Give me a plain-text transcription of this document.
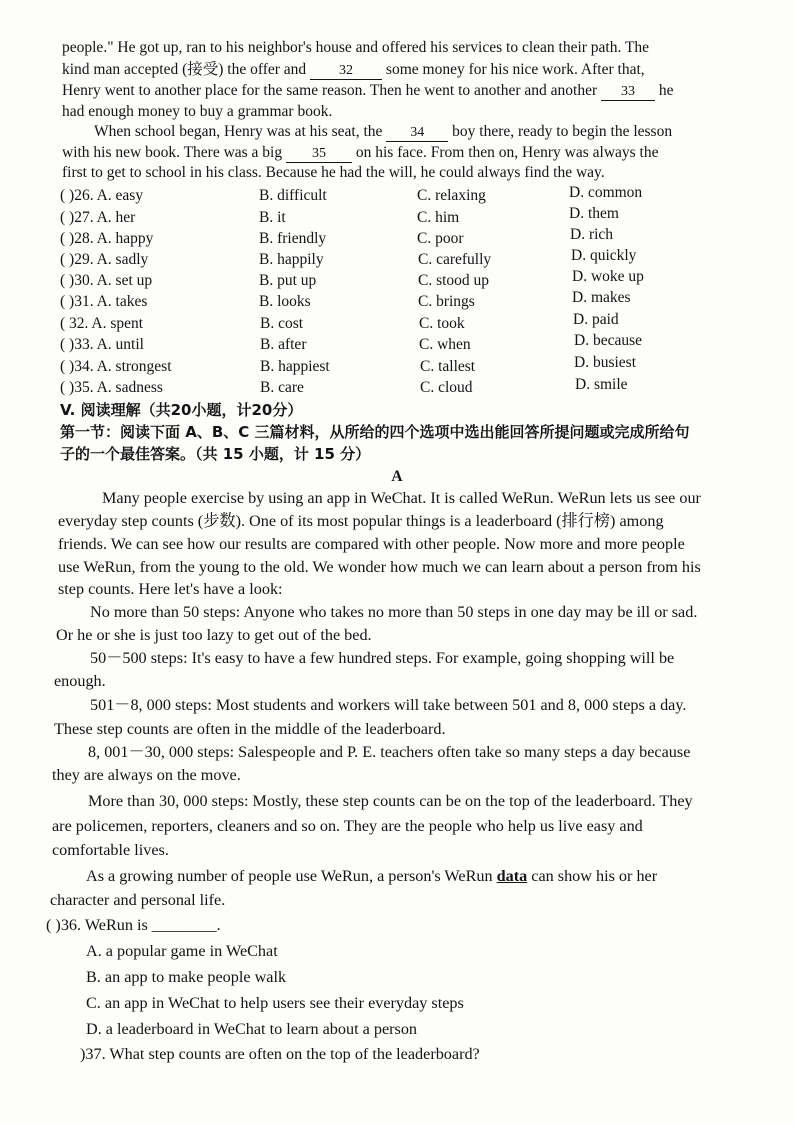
people." He got up, ran to his neighbor's house and offered his services to clean their path. The
kind man accepted (接受) the offer and 32 some money for his nice work. After that,
Henry went to another place for the same reason. Then he went to another and another 33 he
had enough money to buy a grammar book.
When school began, Henry was at his seat, the 34 boy there, ready to begin the lesson
with his new book. There was a big 35 on his face. From then on, Henry was always the
first to get to school in his class. Because he had the will, he could always find the way.
( )26. A. easy	B. difficult	C. relaxing	D. common
( )27. A. her	B. it	C. him	D. them
( )28. A. happy	B. friendly	C. poor	D. rich
( )29. A. sadly	B. happily	C. carefully	D. quickly
( )30. A. set up	B. put up	C. stood up	D. woke up
( )31. A. takes	B. looks	C. brings	D. makes
( 32. A. spent	B. cost	C. took	D. paid
( )33. A. until	B. after	C. when	D. because
( )34. A. strongest	B. happiest	C. tallest	D. busiest
( )35. A. sadness	B. care	C. cloud	D. smile
V. 阅读理解（共20小题，计20分）
第一节：阅读下面 A、B、C 三篇材料，从所给的四个选项中选出能回答所提问题或完成所给句
子的一个最佳答案。（共 15 小题，计 15 分）
A
Many people exercise by using an app in WeChat. It is called WeRun. WeRun lets us see our
everyday step counts (步数). One of its most popular things is a leaderboard (排行榜) among
friends. We can see how our results are compared with other people. Now more and more people
use WeRun, from the young to the old. We wonder how much we can learn about a person from his
step counts. Here let's have a look:
No more than 50 steps: Anyone who takes no more than 50 steps in one day may be ill or sad.
Or he or she is just too lazy to get out of the bed.
50－500 steps: It's easy to have a few hundred steps. For example, going shopping will be
enough.
501－8, 000 steps: Most students and workers will take between 501 and 8, 000 steps a day.
These step counts are often in the middle of the leaderboard.
8, 001－30, 000 steps: Salespeople and P. E. teachers often take so many steps a day because
they are always on the move.
More than 30, 000 steps: Mostly, these step counts can be on the top of the leaderboard. They
are policemen, reporters, cleaners and so on. They are the people who help us live easy and
comfortable lives.
As a growing number of people use WeRun, a person's WeRun data can show his or her
character and personal life.
( )36. WeRun is ________.
A. a popular game in WeChat
B. an app to make people walk
C. an app in WeChat to help users see their everyday steps
D. a leaderboard in WeChat to learn about a person
)37. What step counts are often on the top of the leaderboard?
